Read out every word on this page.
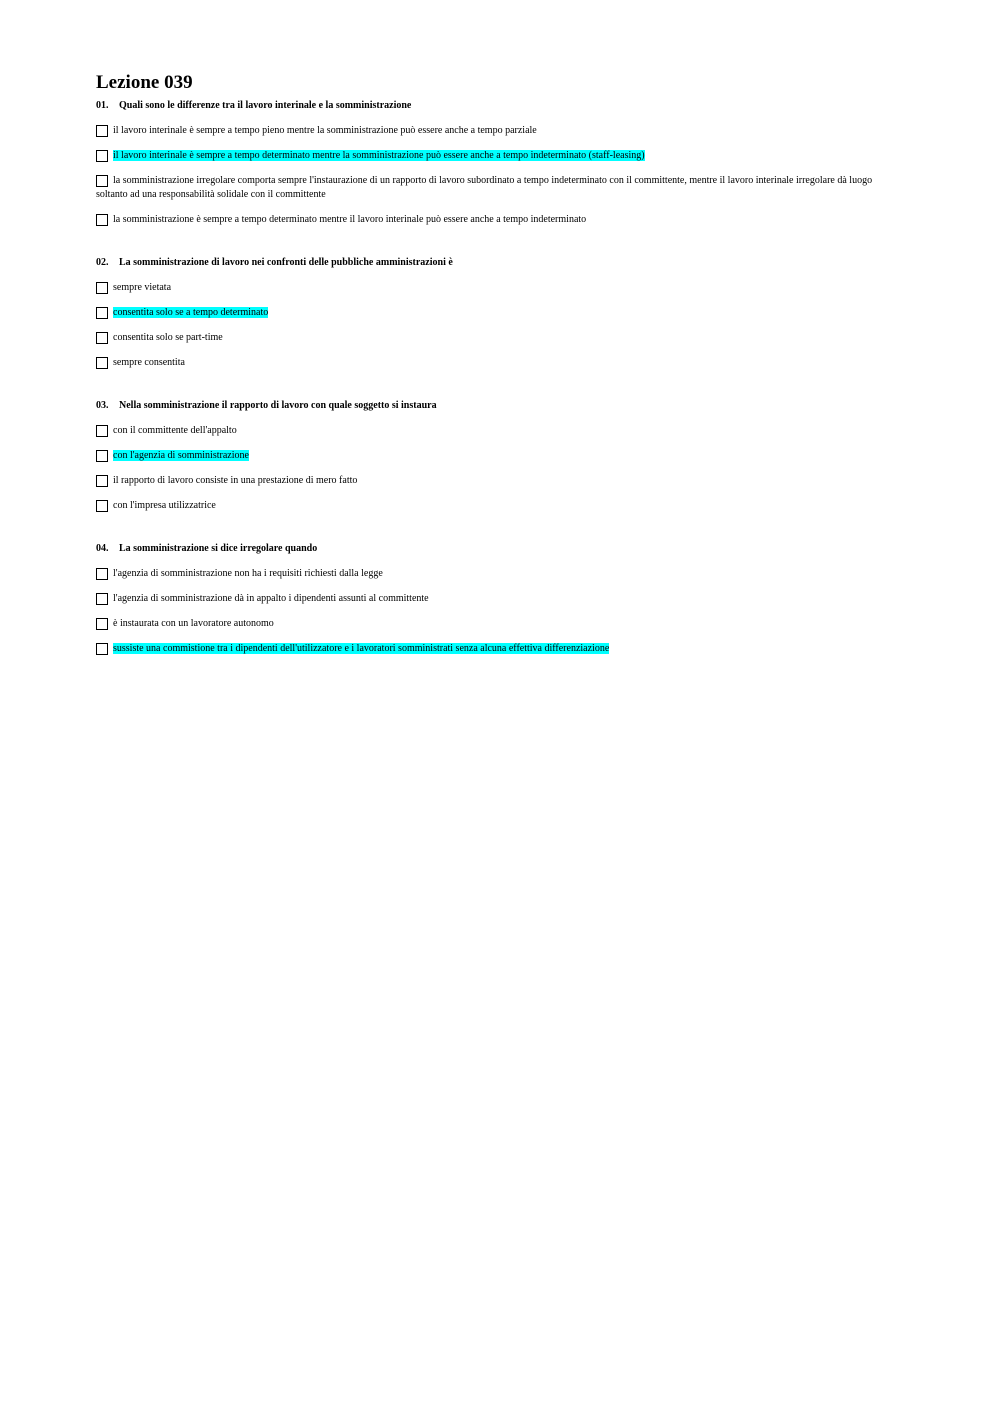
Lezione 039
01. Quali sono le differenze tra il lavoro interinale e la somministrazione
il lavoro interinale è sempre a tempo pieno mentre la somministrazione può essere anche a tempo parziale
il lavoro interinale è sempre a tempo determinato mentre la somministrazione può essere anche a tempo indeterminato (staff-leasing)
la somministrazione irregolare comporta sempre l'instaurazione di un rapporto di lavoro subordinato a tempo indeterminato con il committente, mentre il lavoro interinale irregolare dà luogo soltanto ad una responsabilità solidale con il committente
la somministrazione è sempre a tempo determinato mentre il lavoro interinale può essere anche a tempo indeterminato
02. La somministrazione di lavoro nei confronti delle pubbliche amministrazioni è
sempre vietata
consentita solo se a tempo determinato
consentita solo se part-time
sempre consentita
03. Nella somministrazione il rapporto di lavoro con quale soggetto si instaura
con il committente dell'appalto
con l'agenzia di somministrazione
il rapporto di lavoro consiste in una prestazione di mero fatto
con l'impresa utilizzatrice
04. La somministrazione si dice irregolare quando
l'agenzia di somministrazione non ha i requisiti richiesti dalla legge
l'agenzia di somministrazione dà in appalto i dipendenti assunti al committente
è instaurata con un lavoratore autonomo
sussiste una commistione tra i dipendenti dell'utilizzatore e i lavoratori somministrati senza alcuna effettiva differenziazione
